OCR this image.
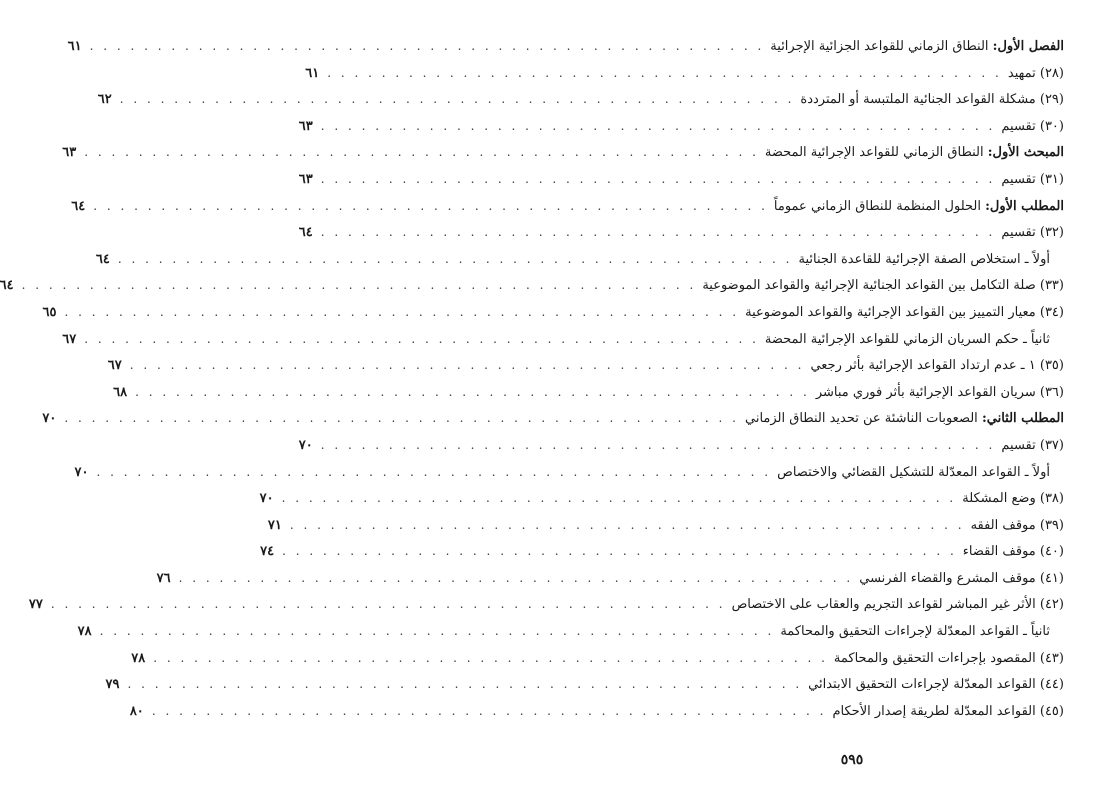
الفصل الأول: النطاق الزماني للقواعد الجزائية الإجرائية
. . . . . . . . . . . . . . . . . . . . . . . . . . . . . . . . . . . . . . . . . . . . . . . . . .
٦١
(٢٨) تمهيد
. . . . . . . . . . . . . . . . . . . . . . . . . . . . . . . . . . . . . . . . . . . . . . . . . .
٦١
(٢٩) مشكلة القواعد الجنائية الملتبسة أو المترددة
. . . . . . . . . . . . . . . . . . . . . . . . . . . . . . . . . . . . . . . . . . . . . . . . . .
٦٢
(٣٠) تقسيم
. . . . . . . . . . . . . . . . . . . . . . . . . . . . . . . . . . . . . . . . . . . . . . . . . .
٦٣
المبحث الأول: النطاق الزماني للقواعد الإجرائية المحضة
. . . . . . . . . . . . . . . . . . . . . . . . . . . . . . . . . . . . . . . . . . . . . . . . . .
٦٣
(٣١) تقسيم
. . . . . . . . . . . . . . . . . . . . . . . . . . . . . . . . . . . . . . . . . . . . . . . . . .
٦٣
المطلب الأول: الحلول المنظمة للنطاق الزماني عموماً
. . . . . . . . . . . . . . . . . . . . . . . . . . . . . . . . . . . . . . . . . . . . . . . . . .
٦٤
(٣٢) تقسيم
. . . . . . . . . . . . . . . . . . . . . . . . . . . . . . . . . . . . . . . . . . . . . . . . . .
٦٤
أولاً ـ استخلاص الصفة الإجرائية للقاعدة الجنائية
. . . . . . . . . . . . . . . . . . . . . . . . . . . . . . . . . . . . . . . . . . . . . . . . . .
٦٤
(٣٣) صلة التكامل بين القواعد الجنائية الإجرائية والقواعد الموضوعية
. . . . . . . . . . . . . . . . . . . . . . . . . . . . . . . . . . . . . . . . . . . . . . . . . .
٦٤
(٣٤) معيار التمييز بين القواعد الإجرائية والقواعد الموضوعية
. . . . . . . . . . . . . . . . . . . . . . . . . . . . . . . . . . . . . . . . . . . . . . . . . .
٦٥
ثانياً ـ حكم السريان الزماني للقواعد الإجرائية المحضة
. . . . . . . . . . . . . . . . . . . . . . . . . . . . . . . . . . . . . . . . . . . . . . . . . .
٦٧
(٣٥) ١ ـ عدم ارتداد القواعد الإجرائية بأثر رجعي
. . . . . . . . . . . . . . . . . . . . . . . . . . . . . . . . . . . . . . . . . . . . . . . . . .
٦٧
(٣٦) سريان القواعد الإجرائية بأثر فوري مباشر
. . . . . . . . . . . . . . . . . . . . . . . . . . . . . . . . . . . . . . . . . . . . . . . . . .
٦٨
المطلب الثاني: الصعوبات الناشئة عن تحديد النطاق الزماني
. . . . . . . . . . . . . . . . . . . . . . . . . . . . . . . . . . . . . . . . . . . . . . . . . .
٧٠
(٣٧) تقسيم
. . . . . . . . . . . . . . . . . . . . . . . . . . . . . . . . . . . . . . . . . . . . . . . . . .
٧٠
أولاً ـ القواعد المعدّلة للتشكيل القضائي والاختصاص
. . . . . . . . . . . . . . . . . . . . . . . . . . . . . . . . . . . . . . . . . . . . . . . . . .
٧٠
(٣٨) وضع المشكلة
. . . . . . . . . . . . . . . . . . . . . . . . . . . . . . . . . . . . . . . . . . . . . . . . . .
٧٠
(٣٩) موقف الفقه
. . . . . . . . . . . . . . . . . . . . . . . . . . . . . . . . . . . . . . . . . . . . . . . . . .
٧١
(٤٠) موقف القضاء
. . . . . . . . . . . . . . . . . . . . . . . . . . . . . . . . . . . . . . . . . . . . . . . . . .
٧٤
(٤١) موقف المشرع والقضاء الفرنسي
. . . . . . . . . . . . . . . . . . . . . . . . . . . . . . . . . . . . . . . . . . . . . . . . . .
٧٦
(٤٢) الأثر غير المباشر لقواعد التجريم والعقاب على الاختصاص
. . . . . . . . . . . . . . . . . . . . . . . . . . . . . . . . . . . . . . . . . . . . . . . . . .
٧٧
ثانياً ـ القواعد المعدّلة لإجراءات التحقيق والمحاكمة
. . . . . . . . . . . . . . . . . . . . . . . . . . . . . . . . . . . . . . . . . . . . . . . . . .
٧٨
(٤٣) المقصود بإجراءات التحقيق والمحاكمة
. . . . . . . . . . . . . . . . . . . . . . . . . . . . . . . . . . . . . . . . . . . . . . . . . .
٧٨
(٤٤) القواعد المعدّلة لإجراءات التحقيق الابتدائي
. . . . . . . . . . . . . . . . . . . . . . . . . . . . . . . . . . . . . . . . . . . . . . . . . .
٧٩
(٤٥) القواعد المعدّلة لطريقة إصدار الأحكام
. . . . . . . . . . . . . . . . . . . . . . . . . . . . . . . . . . . . . . . . . . . . . . . . . .
٨٠
٥٩٥
